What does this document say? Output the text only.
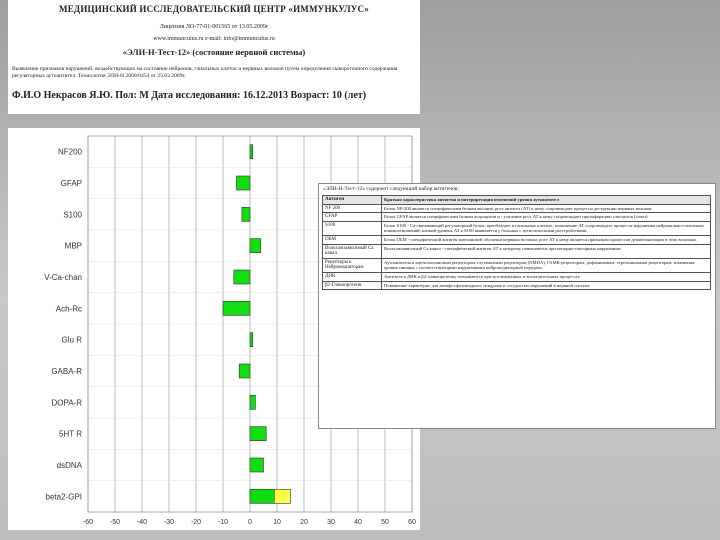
МЕДИЦИНСКИЙ ИССЛЕДОВАТЕЛЬСКИЙ ЦЕНТР «ИММУНКУЛУС»
Лицензия ЛО-77-01-001565 от 13.05.2009г
www.immunculus.ru e-mail: info@immunculus.ru
«ЭЛИ-Н-Тест-12» (состояние нервной системы)
Выявление признаков нарушений, воздействующих на состояние нейронов, глиальных клеток и нервных волокон путем определения сывороточного содержания регуляторных аутоантител. Технология ЭЛИ-Н 2000/0454 от 25.03.2009г.
Ф.И.О Некрасов Я.Ю. Пол: М Дата исследования: 16.12.2013 Возраст: 10 (лет)
NF200
GFAP
S100
MBP
V-Ca-chan
Ach-Rc
Glu R
GABA-R
DOPA-R
5HT R
dsDNA
beta2-GPI
-60 -50 -40 -30 -20 -10	0	10	20	30	40	50	60
«ЭЛИ-Н-Тест-12» содержит следующий набор антигенов:
Антиген	Краткая характеристика антигена и интерпретация изменений уровня аутоантител
NF 200	Белок NF-200 является специфическим белком аксонов; рост антител (АТ) к нему сопровождает процессы деструкции нервных волокон
GFAP	Белок GFAP является специфическим белком астроцитов и - усиление рост АТ к нему сопровождает пролиферацию глиоцитов (глиоз)
S100	Белок S100 - Са-связывающий регуляторный белок, преобладает в глиальных клетках; повышение АТ сопровождает процессы нарушения нейронально-глиальных взаимоотношений; низкий уровень АТ к S100 выявляется у больных с аутистическими расстройствами.
ОБМ	Белок ОБМ - специфический антиген миелиновой оболочки нервных волокон; рост АТ к нему является признаком процессов демиелинизации в этих волокнах.
Вольтажзависимый Са канал	Вольтажзависимый Са канал - специфический антиген АТ к которому повышаются при моторно-сенсорных нарушениях
Рецепторы к Нейромедиаторам	Аутоантитела к ацетилхолиновым рецепторам, глутаматным рецепторам (NMDA), ГАМК-рецепторам, дофаминовым, серотониновым рецепторам: изменения уровня связаны с соответствующими нарушениями нейромедиаторной передачи.
ДНК	Антитела к ДНК и β2-гликопротеину повышаются при аутоиммунных и воспалительных процессах
β2-Гликопротеин	Повышение характерно для антифосфолипидного синдрома и сосудистых нарушений в нервной системе
